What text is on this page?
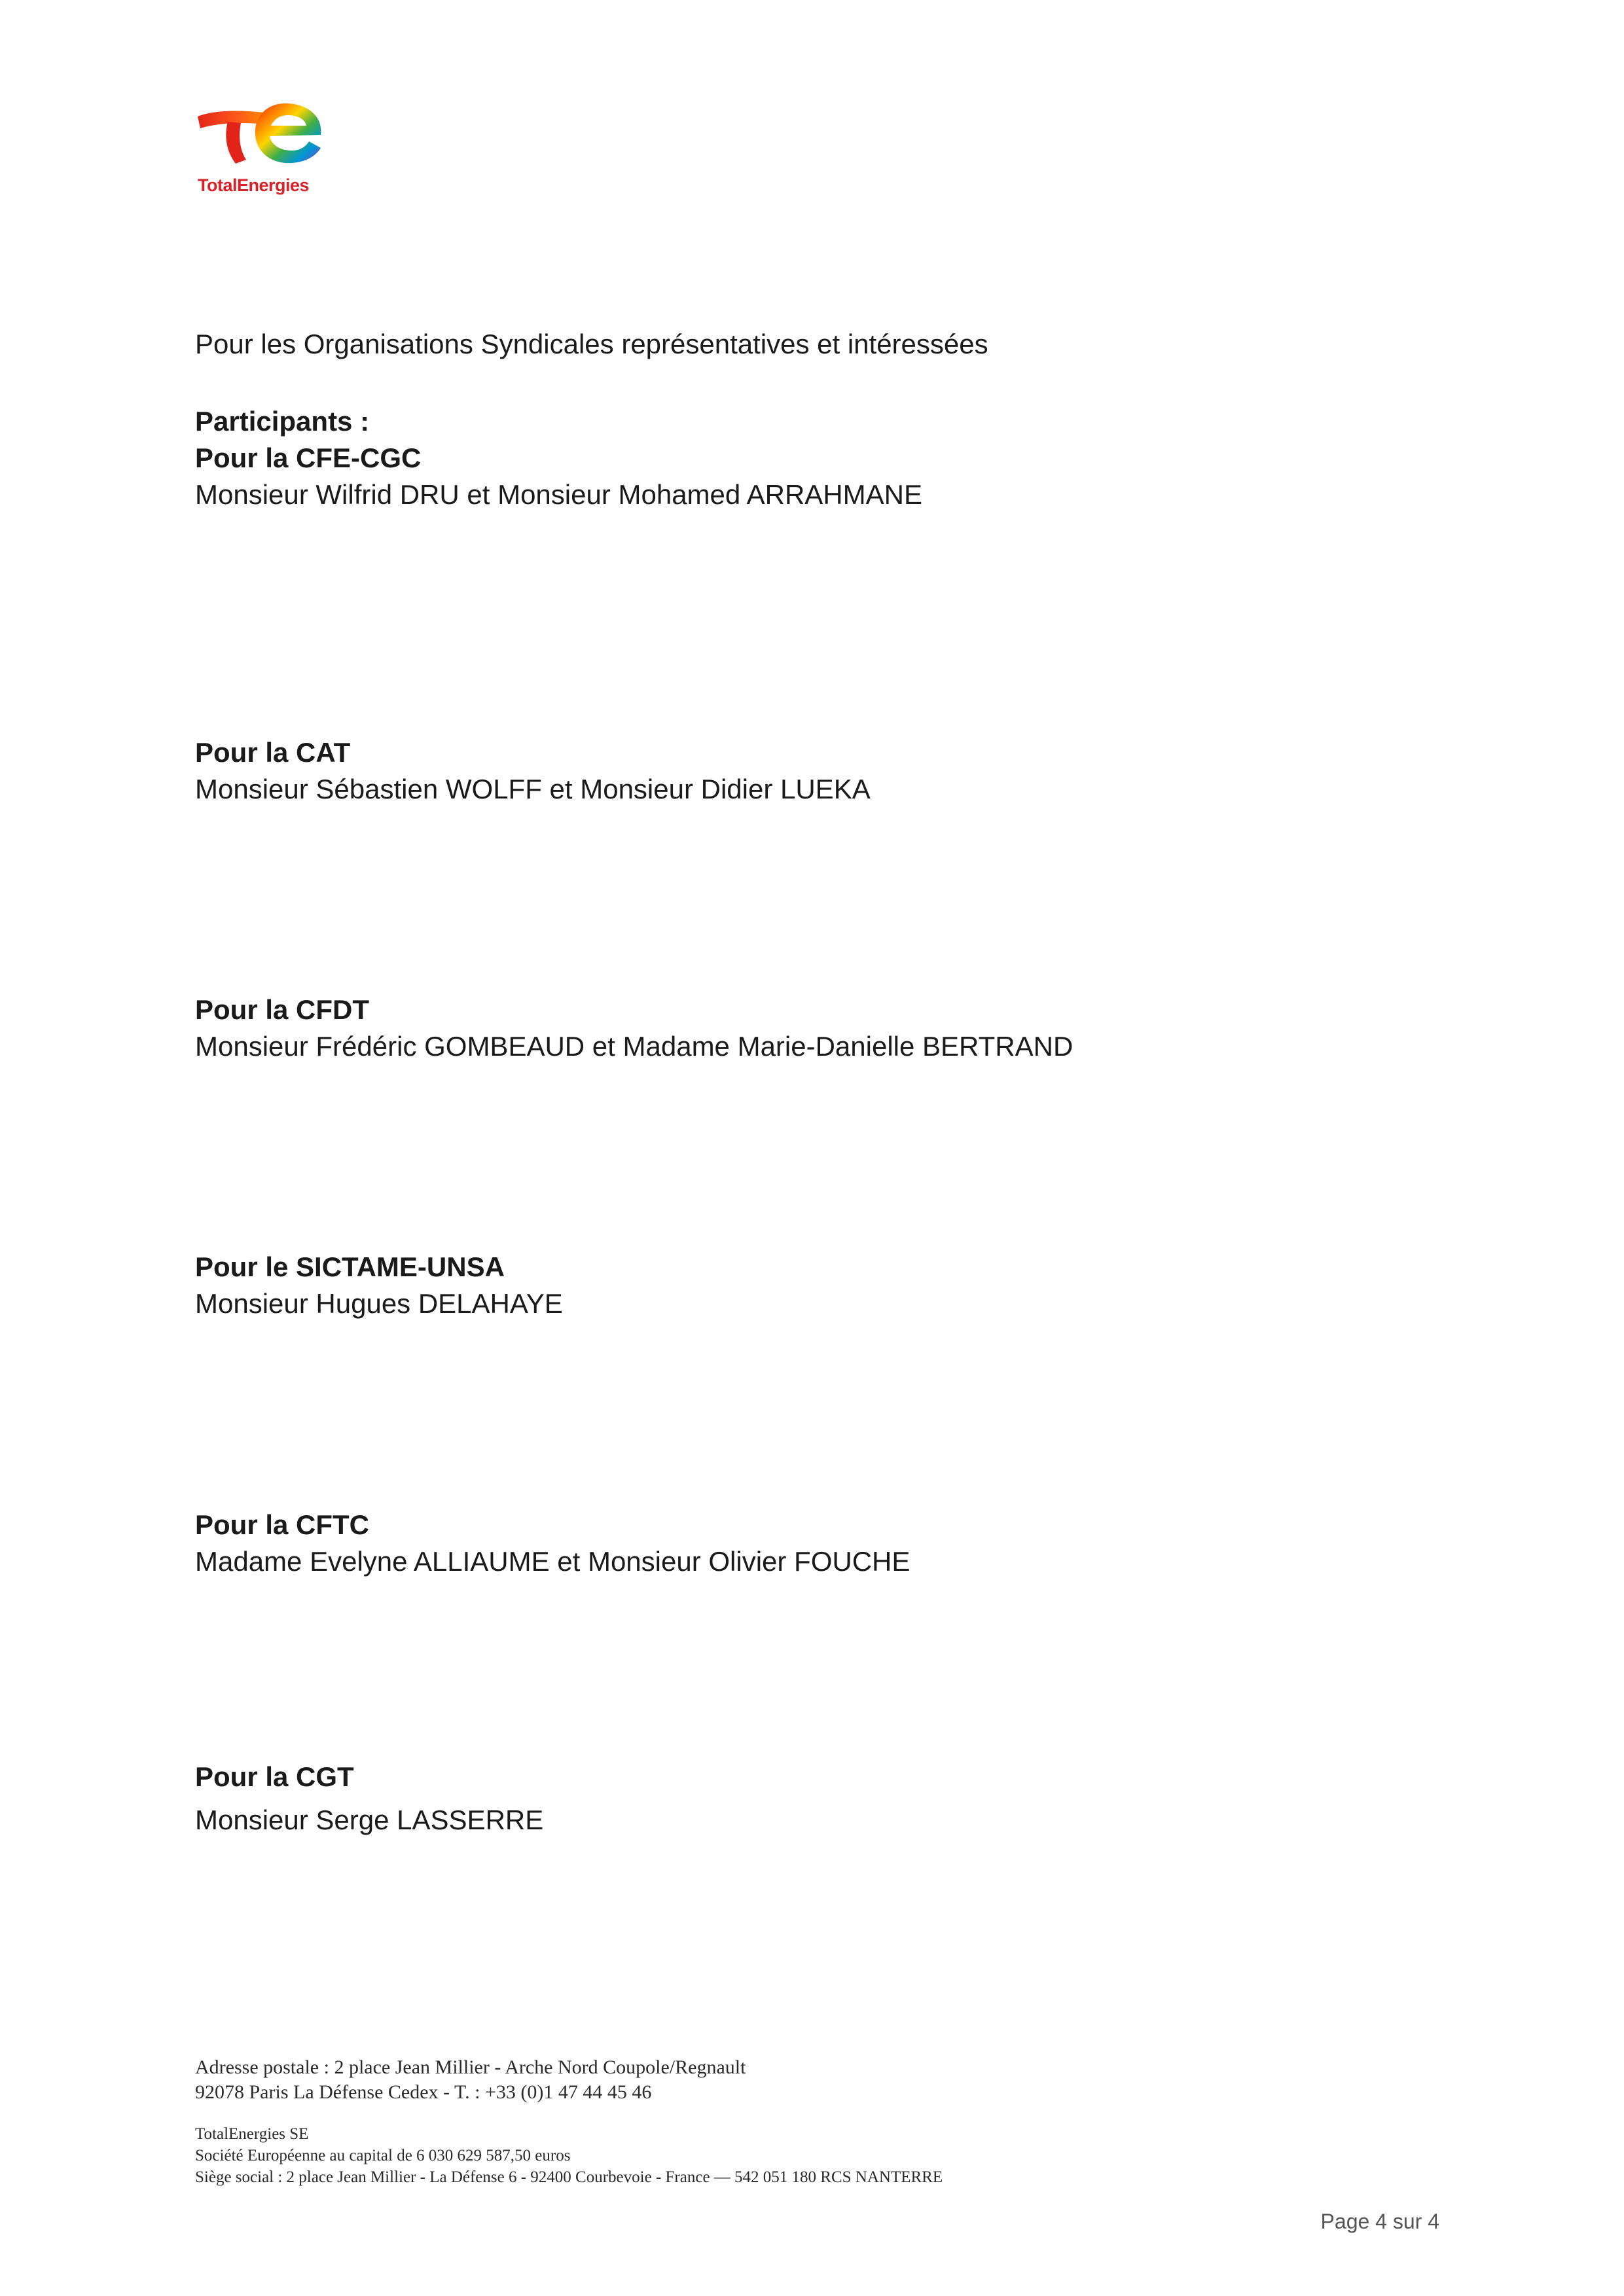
TotalEnergies
Pour les Organisations Syndicales représentatives et intéressées
Participants :
Pour la CFE-CGC
Monsieur Wilfrid DRU et Monsieur Mohamed ARRAHMANE
Pour la CAT
Monsieur Sébastien WOLFF et Monsieur Didier LUEKA
Pour la CFDT
Monsieur Frédéric GOMBEAUD et Madame Marie-Danielle BERTRAND
Pour le SICTAME-UNSA
Monsieur Hugues DELAHAYE
Pour la CFTC
Madame Evelyne ALLIAUME et Monsieur Olivier FOUCHE
Pour la CGT
Monsieur Serge LASSERRE
Adresse postale : 2 place Jean Millier - Arche Nord Coupole/Regnault
92078 Paris La Défense Cedex - T. : +33 (0)1 47 44 45 46
TotalEnergies SE
Société Européenne au capital de 6 030 629 587,50 euros
Siège social : 2 place Jean Millier - La Défense 6 - 92400 Courbevoie - France — 542 051 180 RCS NANTERRE
Page 4 sur 4
